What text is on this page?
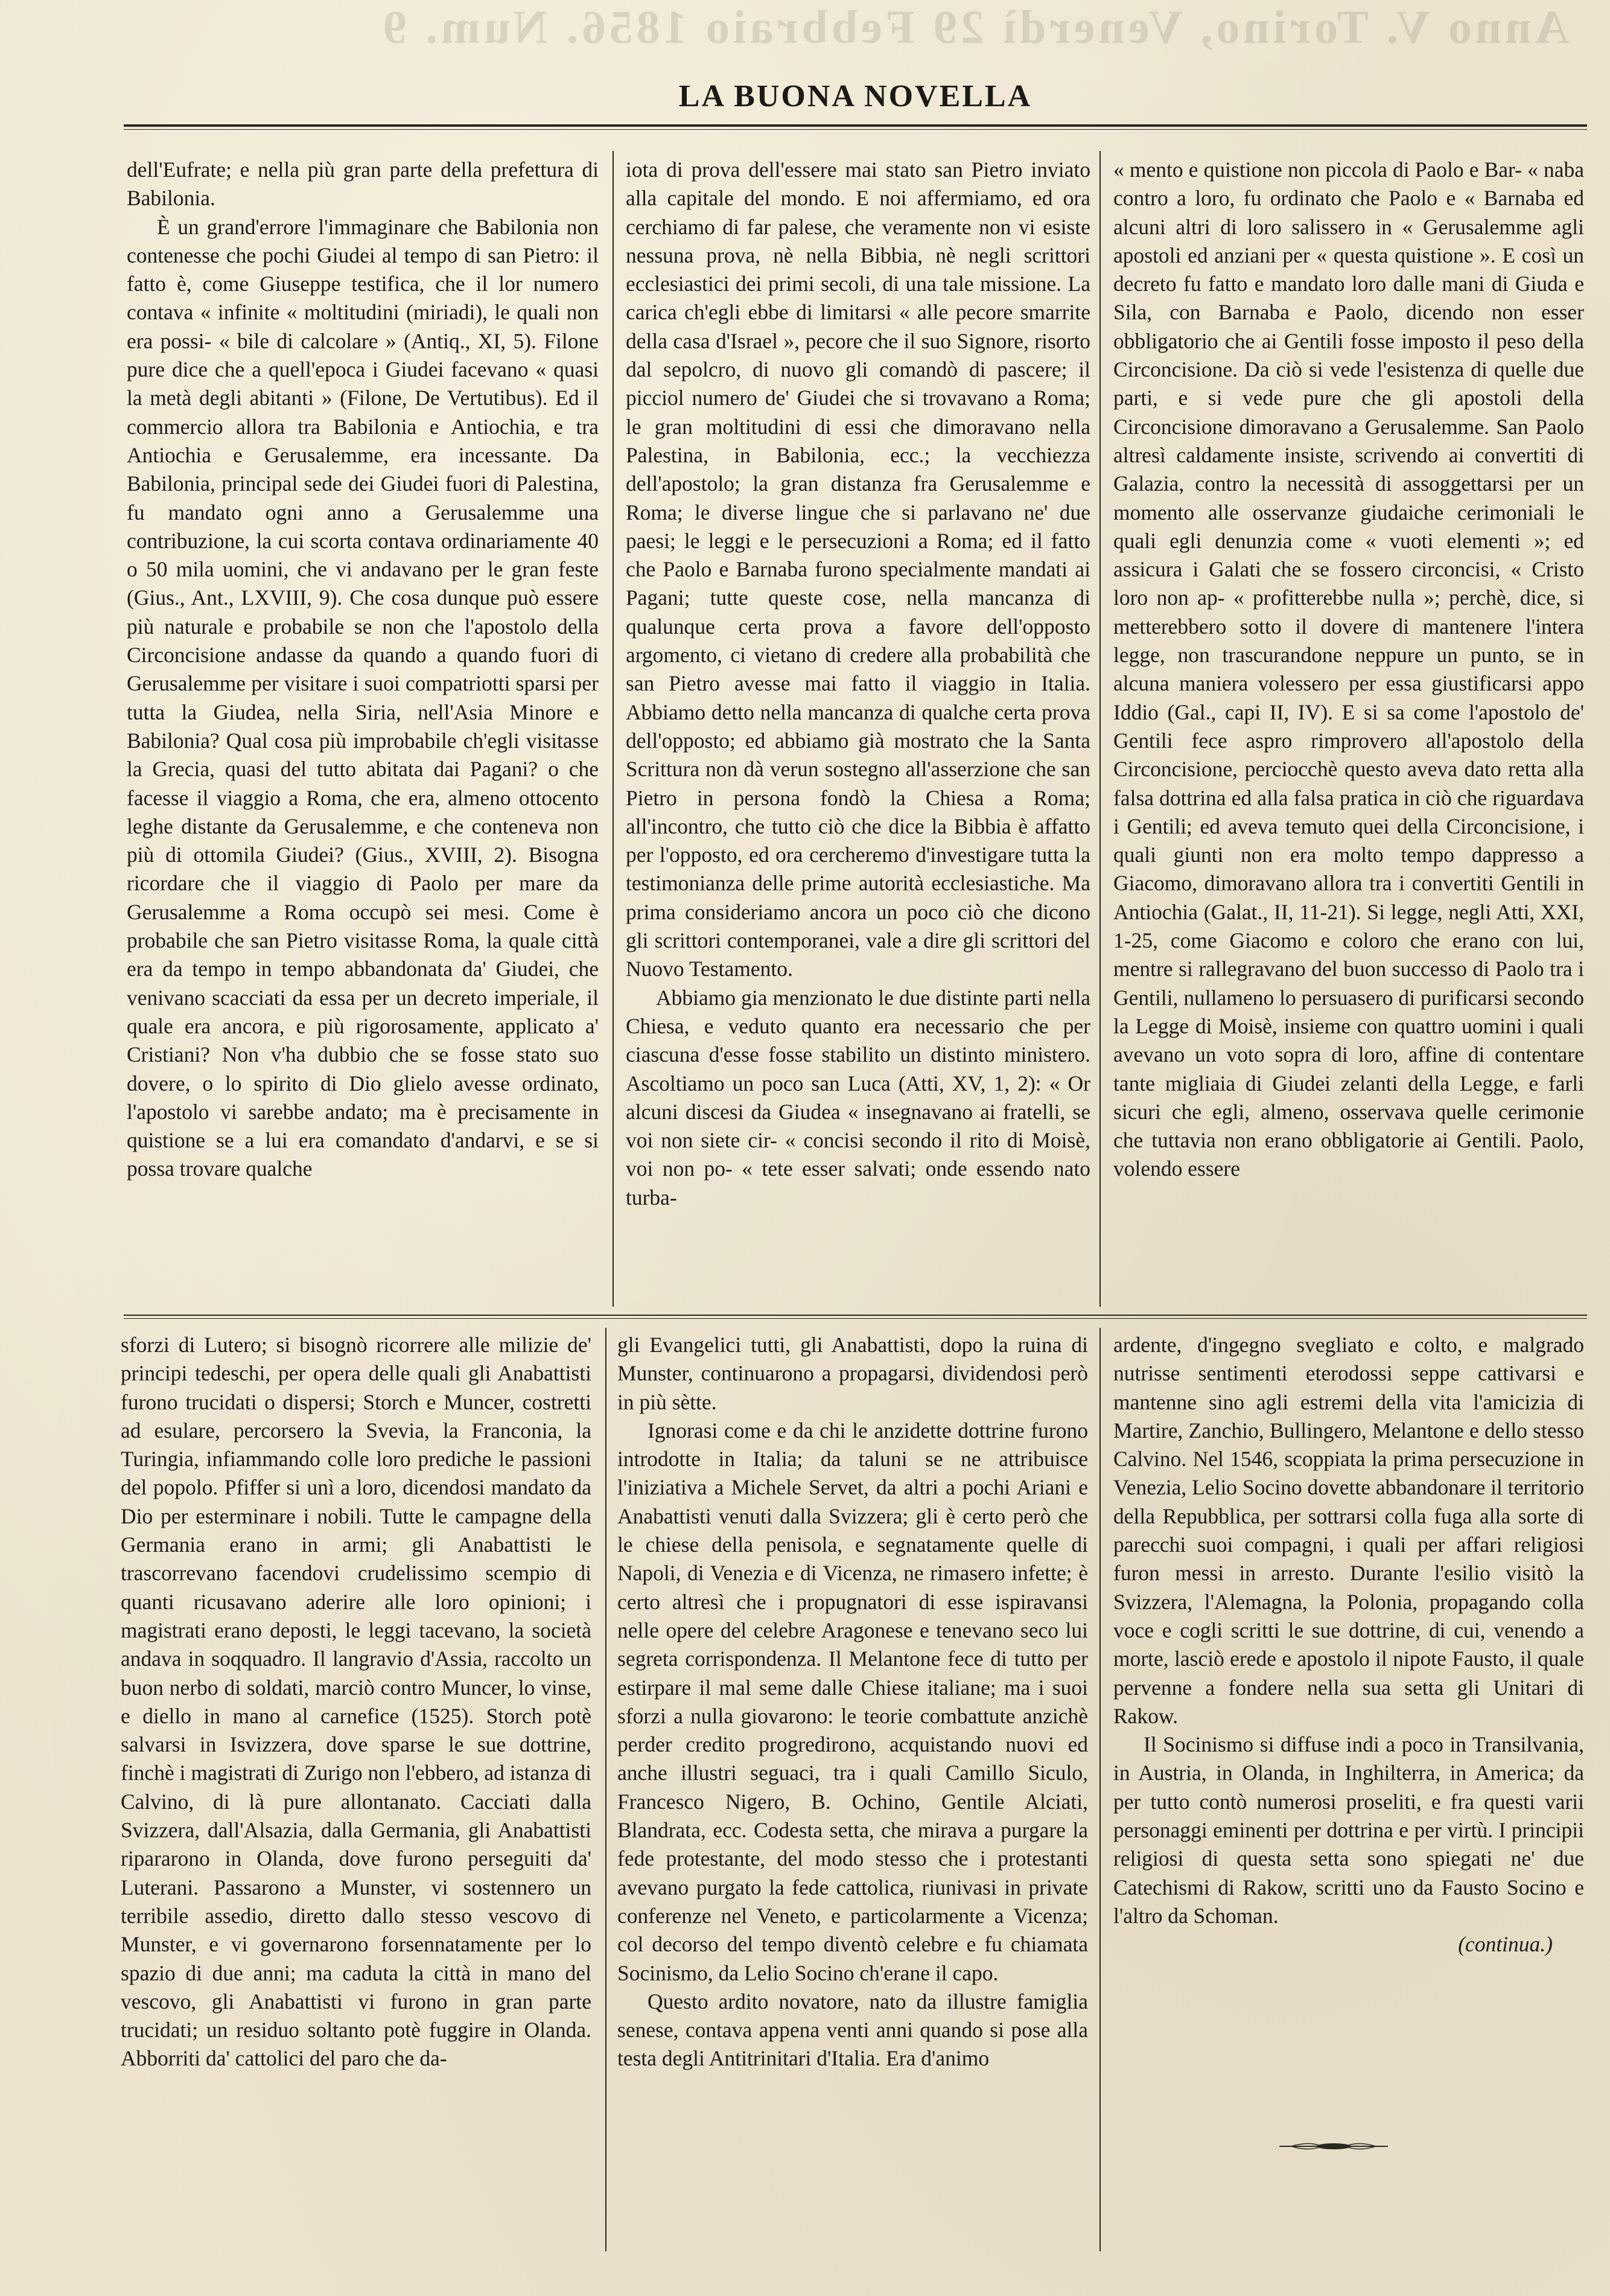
Anno V. Torino, Venerdì 29 Febbraio 1856. Num. 9
LA BUONA NOVELLA

dell'Eufrate; e nella più gran parte della prefettura di Babilonia.

È un grand'errore l'immaginare che Babilonia non contenesse che pochi Giudei al tempo di san Pietro: il fatto è, come Giuseppe testifica, che il lor numero contava « infinite « moltitudini (miriadi), le quali non era possi- « bile di calcolare » (Antiq., XI, 5). Filone pure dice che a quell'epoca i Giudei facevano « quasi la metà degli abitanti » (Filone, De Vertutibus). Ed il commercio allora tra Babilonia e Antiochia, e tra Antiochia e Gerusalemme, era incessante. Da Babilonia, principal sede dei Giudei fuori di Palestina, fu mandato ogni anno a Gerusalemme una contribuzione, la cui scorta contava ordinariamente 40 o 50 mila uomini, che vi andavano per le gran feste (Gius., Ant., LXVIII, 9). Che cosa dunque può essere più naturale e probabile se non che l'apostolo della Circoncisione andasse da quando a quando fuori di Gerusalemme per visitare i suoi compatriotti sparsi per tutta la Giudea, nella Siria, nell'Asia Minore e Babilonia? Qual cosa più improbabile ch'egli visitasse la Grecia, quasi del tutto abitata dai Pagani? o che facesse il viaggio a Roma, che era, almeno ottocento leghe distante da Gerusalemme, e che conteneva non più di ottomila Giudei? (Gius., XVIII, 2). Bisogna ricordare che il viaggio di Paolo per mare da Gerusalemme a Roma occupò sei mesi. Come è probabile che san Pietro visitasse Roma, la quale città era da tempo in tempo abbandonata da' Giudei, che venivano scacciati da essa per un decreto imperiale, il quale era ancora, e più rigorosamente, applicato a' Cristiani? Non v'ha dubbio che se fosse stato suo dovere, o lo spirito di Dio glielo avesse ordinato, l'apostolo vi sarebbe andato; ma è precisamente in quistione se a lui era comandato d'andarvi, e se si possa trovare qualche

iota di prova dell'essere mai stato san Pietro inviato alla capitale del mondo. E noi affermiamo, ed ora cerchiamo di far palese, che veramente non vi esiste nessuna prova, nè nella Bibbia, nè negli scrittori ecclesiastici dei primi secoli, di una tale missione. La carica ch'egli ebbe di limitarsi « alle pecore smarrite della casa d'Israel », pecore che il suo Signore, risorto dal sepolcro, di nuovo gli comandò di pascere; il picciol numero de' Giudei che si trovavano a Roma; le gran moltitudini di essi che dimoravano nella Palestina, in Babilonia, ecc.; la vecchiezza dell'apostolo; la gran distanza fra Gerusalemme e Roma; le diverse lingue che si parlavano ne' due paesi; le leggi e le persecuzioni a Roma; ed il fatto che Paolo e Barnaba furono specialmente mandati ai Pagani; tutte queste cose, nella mancanza di qualunque certa prova a favore dell'opposto argomento, ci vietano di credere alla probabilità che san Pietro avesse mai fatto il viaggio in Italia. Abbiamo detto nella mancanza di qualche certa prova dell'opposto; ed abbiamo già mostrato che la Santa Scrittura non dà verun sostegno all'asserzione che san Pietro in persona fondò la Chiesa a Roma; all'incontro, che tutto ciò che dice la Bibbia è affatto per l'opposto, ed ora cercheremo d'investigare tutta la testimonianza delle prime autorità ecclesiastiche. Ma prima consideriamo ancora un poco ciò che dicono gli scrittori contemporanei, vale a dire gli scrittori del Nuovo Testamento.

Abbiamo gia menzionato le due distinte parti nella Chiesa, e veduto quanto era necessario che per ciascuna d'esse fosse stabilito un distinto ministero. Ascoltiamo un poco san Luca (Atti, XV, 1, 2): « Or alcuni discesi da Giudea « insegnavano ai fratelli, se voi non siete cir- « concisi secondo il rito di Moisè, voi non po- « tete esser salvati; onde essendo nato turba-

« mento e quistione non piccola di Paolo e Bar- « naba contro a loro, fu ordinato che Paolo e « Barnaba ed alcuni altri di loro salissero in « Gerusalemme agli apostoli ed anziani per « questa quistione ». E così un decreto fu fatto e mandato loro dalle mani di Giuda e Sila, con Barnaba e Paolo, dicendo non esser obbligatorio che ai Gentili fosse imposto il peso della Circoncisione. Da ciò si vede l'esistenza di quelle due parti, e si vede pure che gli apostoli della Circoncisione dimoravano a Gerusalemme. San Paolo altresì caldamente insiste, scrivendo ai convertiti di Galazia, contro la necessità di assoggettarsi per un momento alle osservanze giudaiche cerimoniali le quali egli denunzia come « vuoti elementi »; ed assicura i Galati che se fossero circoncisi, « Cristo loro non ap- « profitterebbe nulla »; perchè, dice, si metterebbero sotto il dovere di mantenere l'intera legge, non trascurandone neppure un punto, se in alcuna maniera volessero per essa giustificarsi appo Iddio (Gal., capi II, IV). E si sa come l'apostolo de' Gentili fece aspro rimprovero all'apostolo della Circoncisione, perciocchè questo aveva dato retta alla falsa dottrina ed alla falsa pratica in ciò che riguardava i Gentili; ed aveva temuto quei della Circoncisione, i quali giunti non era molto tempo dappresso a Giacomo, dimoravano allora tra i convertiti Gentili in Antiochia (Galat., II, 11-21). Si legge, negli Atti, XXI, 1-25, come Giacomo e coloro che erano con lui, mentre si rallegravano del buon successo di Paolo tra i Gentili, nullameno lo persuasero di purificarsi secondo la Legge di Moisè, insieme con quattro uomini i quali avevano un voto sopra di loro, affine di contentare tante migliaia di Giudei zelanti della Legge, e farli sicuri che egli, almeno, osservava quelle cerimonie che tuttavia non erano obbligatorie ai Gentili. Paolo, volendo essere

sforzi di Lutero; si bisognò ricorrere alle milizie de' principi tedeschi, per opera delle quali gli Anabattisti furono trucidati o dispersi; Storch e Muncer, costretti ad esulare, percorsero la Svevia, la Franconia, la Turingia, infiammando colle loro prediche le passioni del popolo. Pfiffer si unì a loro, dicendosi mandato da Dio per esterminare i nobili. Tutte le campagne della Germania erano in armi; gli Anabattisti le trascorrevano facendovi crudelissimo scempio di quanti ricusavano aderire alle loro opinioni; i magistrati erano deposti, le leggi tacevano, la società andava in soqquadro. Il langravio d'Assia, raccolto un buon nerbo di soldati, marciò contro Muncer, lo vinse, e diello in mano al carnefice (1525). Storch potè salvarsi in Isvizzera, dove sparse le sue dottrine, finchè i magistrati di Zurigo non l'ebbero, ad istanza di Calvino, di là pure allontanato. Cacciati dalla Svizzera, dall'Alsazia, dalla Germania, gli Anabattisti ripararono in Olanda, dove furono perseguiti da' Luterani. Passarono a Munster, vi sostennero un terribile assedio, diretto dallo stesso vescovo di Munster, e vi governarono forsennatamente per lo spazio di due anni; ma caduta la città in mano del vescovo, gli Anabattisti vi furono in gran parte trucidati; un residuo soltanto potè fuggire in Olanda. Abborriti da' cattolici del paro che da-

gli Evangelici tutti, gli Anabattisti, dopo la ruina di Munster, continuarono a propagarsi, dividendosi però in più sètte.

Ignorasi come e da chi le anzidette dottrine furono introdotte in Italia; da taluni se ne attribuisce l'iniziativa a Michele Servet, da altri a pochi Ariani e Anabattisti venuti dalla Svizzera; gli è certo però che le chiese della penisola, e segnatamente quelle di Napoli, di Venezia e di Vicenza, ne rimasero infette; è certo altresì che i propugnatori di esse ispiravansi nelle opere del celebre Aragonese e tenevano seco lui segreta corrispondenza. Il Melantone fece di tutto per estirpare il mal seme dalle Chiese italiane; ma i suoi sforzi a nulla giovarono: le teorie combattute anzichè perder credito progredirono, acquistando nuovi ed anche illustri seguaci, tra i quali Camillo Siculo, Francesco Nigero, B. Ochino, Gentile Alciati, Blandrata, ecc. Codesta setta, che mirava a purgare la fede protestante, del modo stesso che i protestanti avevano purgato la fede cattolica, riunivasi in private conferenze nel Veneto, e particolarmente a Vicenza; col decorso del tempo diventò celebre e fu chiamata Socinismo, da Lelio Socino ch'erane il capo.

Questo ardito novatore, nato da illustre famiglia senese, contava appena venti anni quando si pose alla testa degli Antitrinitari d'Italia. Era d'animo

ardente, d'ingegno svegliato e colto, e malgrado nutrisse sentimenti eterodossi seppe cattivarsi e mantenne sino agli estremi della vita l'amicizia di Martire, Zanchio, Bullingero, Melantone e dello stesso Calvino. Nel 1546, scoppiata la prima persecuzione in Venezia, Lelio Socino dovette abbandonare il territorio della Repubblica, per sottrarsi colla fuga alla sorte di parecchi suoi compagni, i quali per affari religiosi furon messi in arresto. Durante l'esilio visitò la Svizzera, l'Alemagna, la Polonia, propagando colla voce e cogli scritti le sue dottrine, di cui, venendo a morte, lasciò erede e apostolo il nipote Fausto, il quale pervenne a fondere nella sua setta gli Unitari di Rakow.

Il Socinismo si diffuse indi a poco in Transilvania, in Austria, in Olanda, in Inghilterra, in America; da per tutto contò numerosi proseliti, e fra questi varii personaggi eminenti per dottrina e per virtù. I principii religiosi di questa setta sono spiegati ne' due Catechismi di Rakow, scritti uno da Fausto Socino e l'altro da Schoman.

(continua.)
